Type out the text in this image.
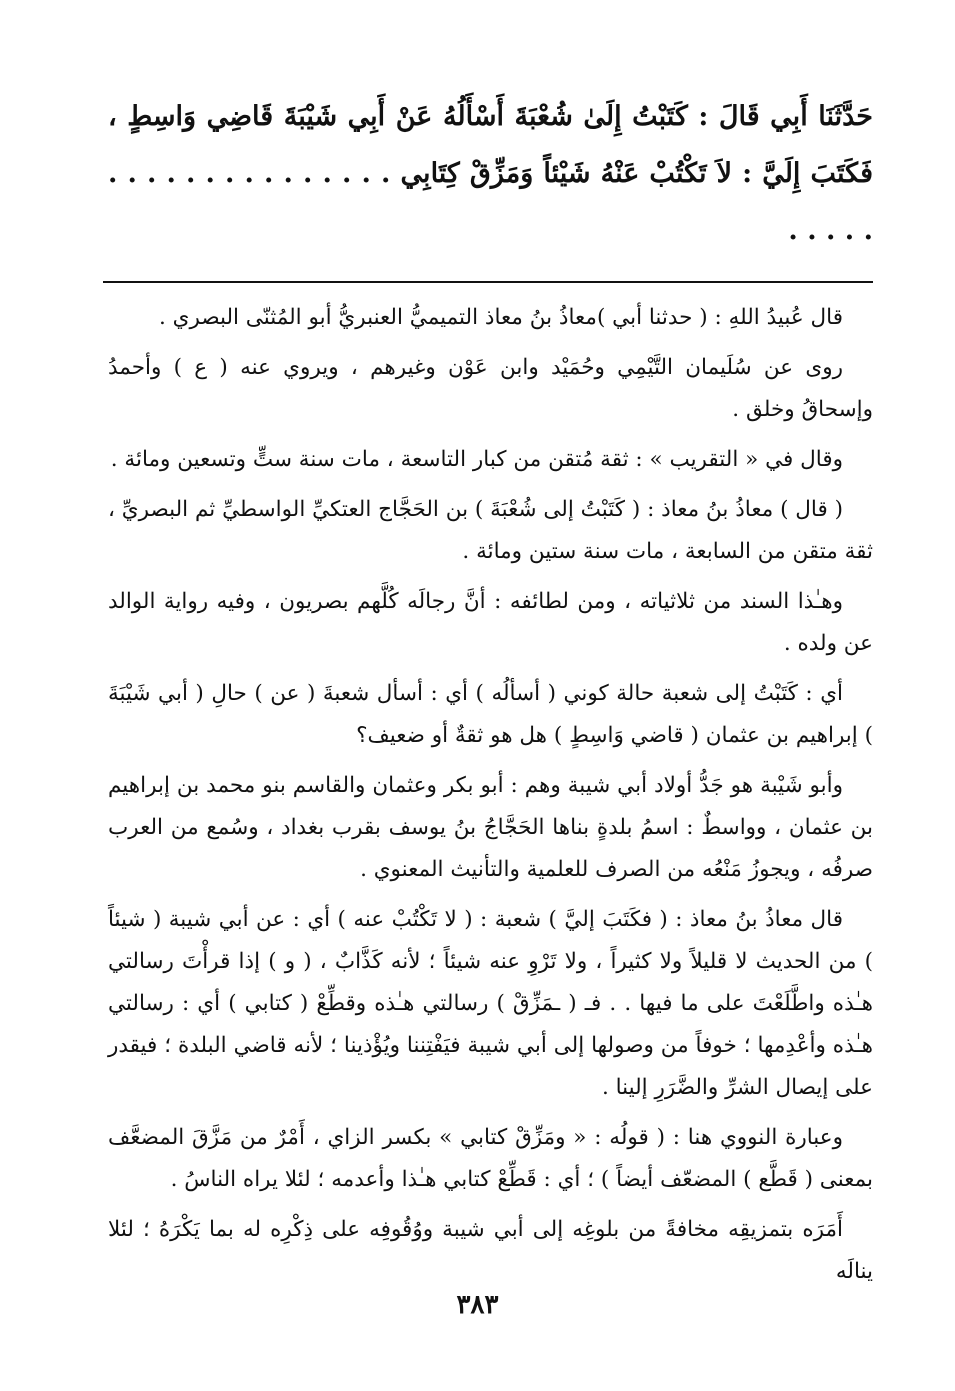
حَدَّثَنَا أَبِي قَالَ : كَتَبْتُ إِلَىٰ شُعْبَةَ أَسْأَلُهُ عَنْ أَبِي شَيْبَةَ قَاضِي وَاسِطٍ ، فَكَتَبَ إِلَيَّ : لاَ تَكْتُبْ عَنْهُ شَيْئاً وَمَزِّقْ كِتَابِي . . . . . . . . . . . . . . . . . . . .

قال عُبيدُ اللهِ : ( حدثنا أبي )معاذُ بنُ معاذ التميميُّ العنبريُّ أبو المُثنّى البصري .

روى عن سُلَيمان التَّيْمِي وحُمَيْد وابن عَوْن وغيرهم ، ويروي عنه ( ع ) وأحمدُ وإسحاقُ وخلق .

وقال في « التقريب » : ثقة مُتقن من كبار التاسعة ، مات سنة ستٍّ وتسعين ومائة .

( قال ) معاذُ بنُ معاذ : ( كَتَبْتُ إلى شُعْبَةَ ) بن الحَجَّاج العتكيِّ الواسطيِّ ثم البصريِّ ، ثقة متقن من السابعة ، مات سنة ستين ومائة .

وهـٰذا السند من ثلاثياته ، ومن لطائفه : أنَّ رجالَه كُلَّهم بصريون ، وفيه رواية الوالد عن ولده .

أي : كَتَبْتُ إلى شعبة حالة كوني ( أسألُه ) أي : أسأل شعبةَ ( عن ) حالِ ( أبي شَيْبَةَ ) إبراهيم بن عثمان ( قاضي وَاسِطٍ ) هل هو ثقةٌ أو ضعيف؟

وأبو شَيْبة هو جَدُّ أولاد أبي شيبة وهم : أبو بكر وعثمان والقاسم بنو محمد بن إبراهيم بن عثمان ، وواسطٌ : اسمُ بلدةٍ بناها الحَجَّاجُ بنُ يوسف بقرب بغداد ، وسُمع من العرب صرفُه ، ويجوزُ مَنْعُه من الصرف للعلمية والتأنيث المعنوي .

قال معاذُ بنُ معاذ : ( فكَتَبَ إليَّ ) شعبة : ( لا تَكْتُبْ عنه ) أي : عن أبي شيبة ( شيئاً ) من الحديث لا قليلاً ولا كثيراً ، ولا تَرْوِ عنه شيئاً ؛ لأنه كَذَّابٌ ، ( و ) إذا قرأْتَ رسالتي هـٰذه واطَّلَعْتَ على ما فيها . . فـ ( ـمَزِّقْ ) رسالتي هـٰذه وقطِّعْ ( كتابي ) أي : رسالتي هـٰذه وأعْدِمها ؛ خوفاً من وصولها إلى أبي شيبة فيَفْتِننا ويُؤْذينا ؛ لأنه قاضي البلدة ؛ فيقدر على إيصال الشرِّ والضَّرَرِ إلينا .

وعبارة النووي هنا : ( قولُه : « ومَزِّقْ كتابي » بكسر الزاي ، أَمْرٌ من مَزَّقَ المضعَّف بمعنى ( قَطَّع ) المضعّف أيضاً ) ؛ أي : قَطِّعْ كتابي هـٰذا وأعدمه ؛ لئلا يراه الناسُ .

أَمَرَه بتمزيقِه مخافةً من بلوغِه إلى أبي شيبة ووُقُوفِه على ذِكْرِه له بما يَكْرَهُ ؛ لئلا ينالَه

٣٨٣
